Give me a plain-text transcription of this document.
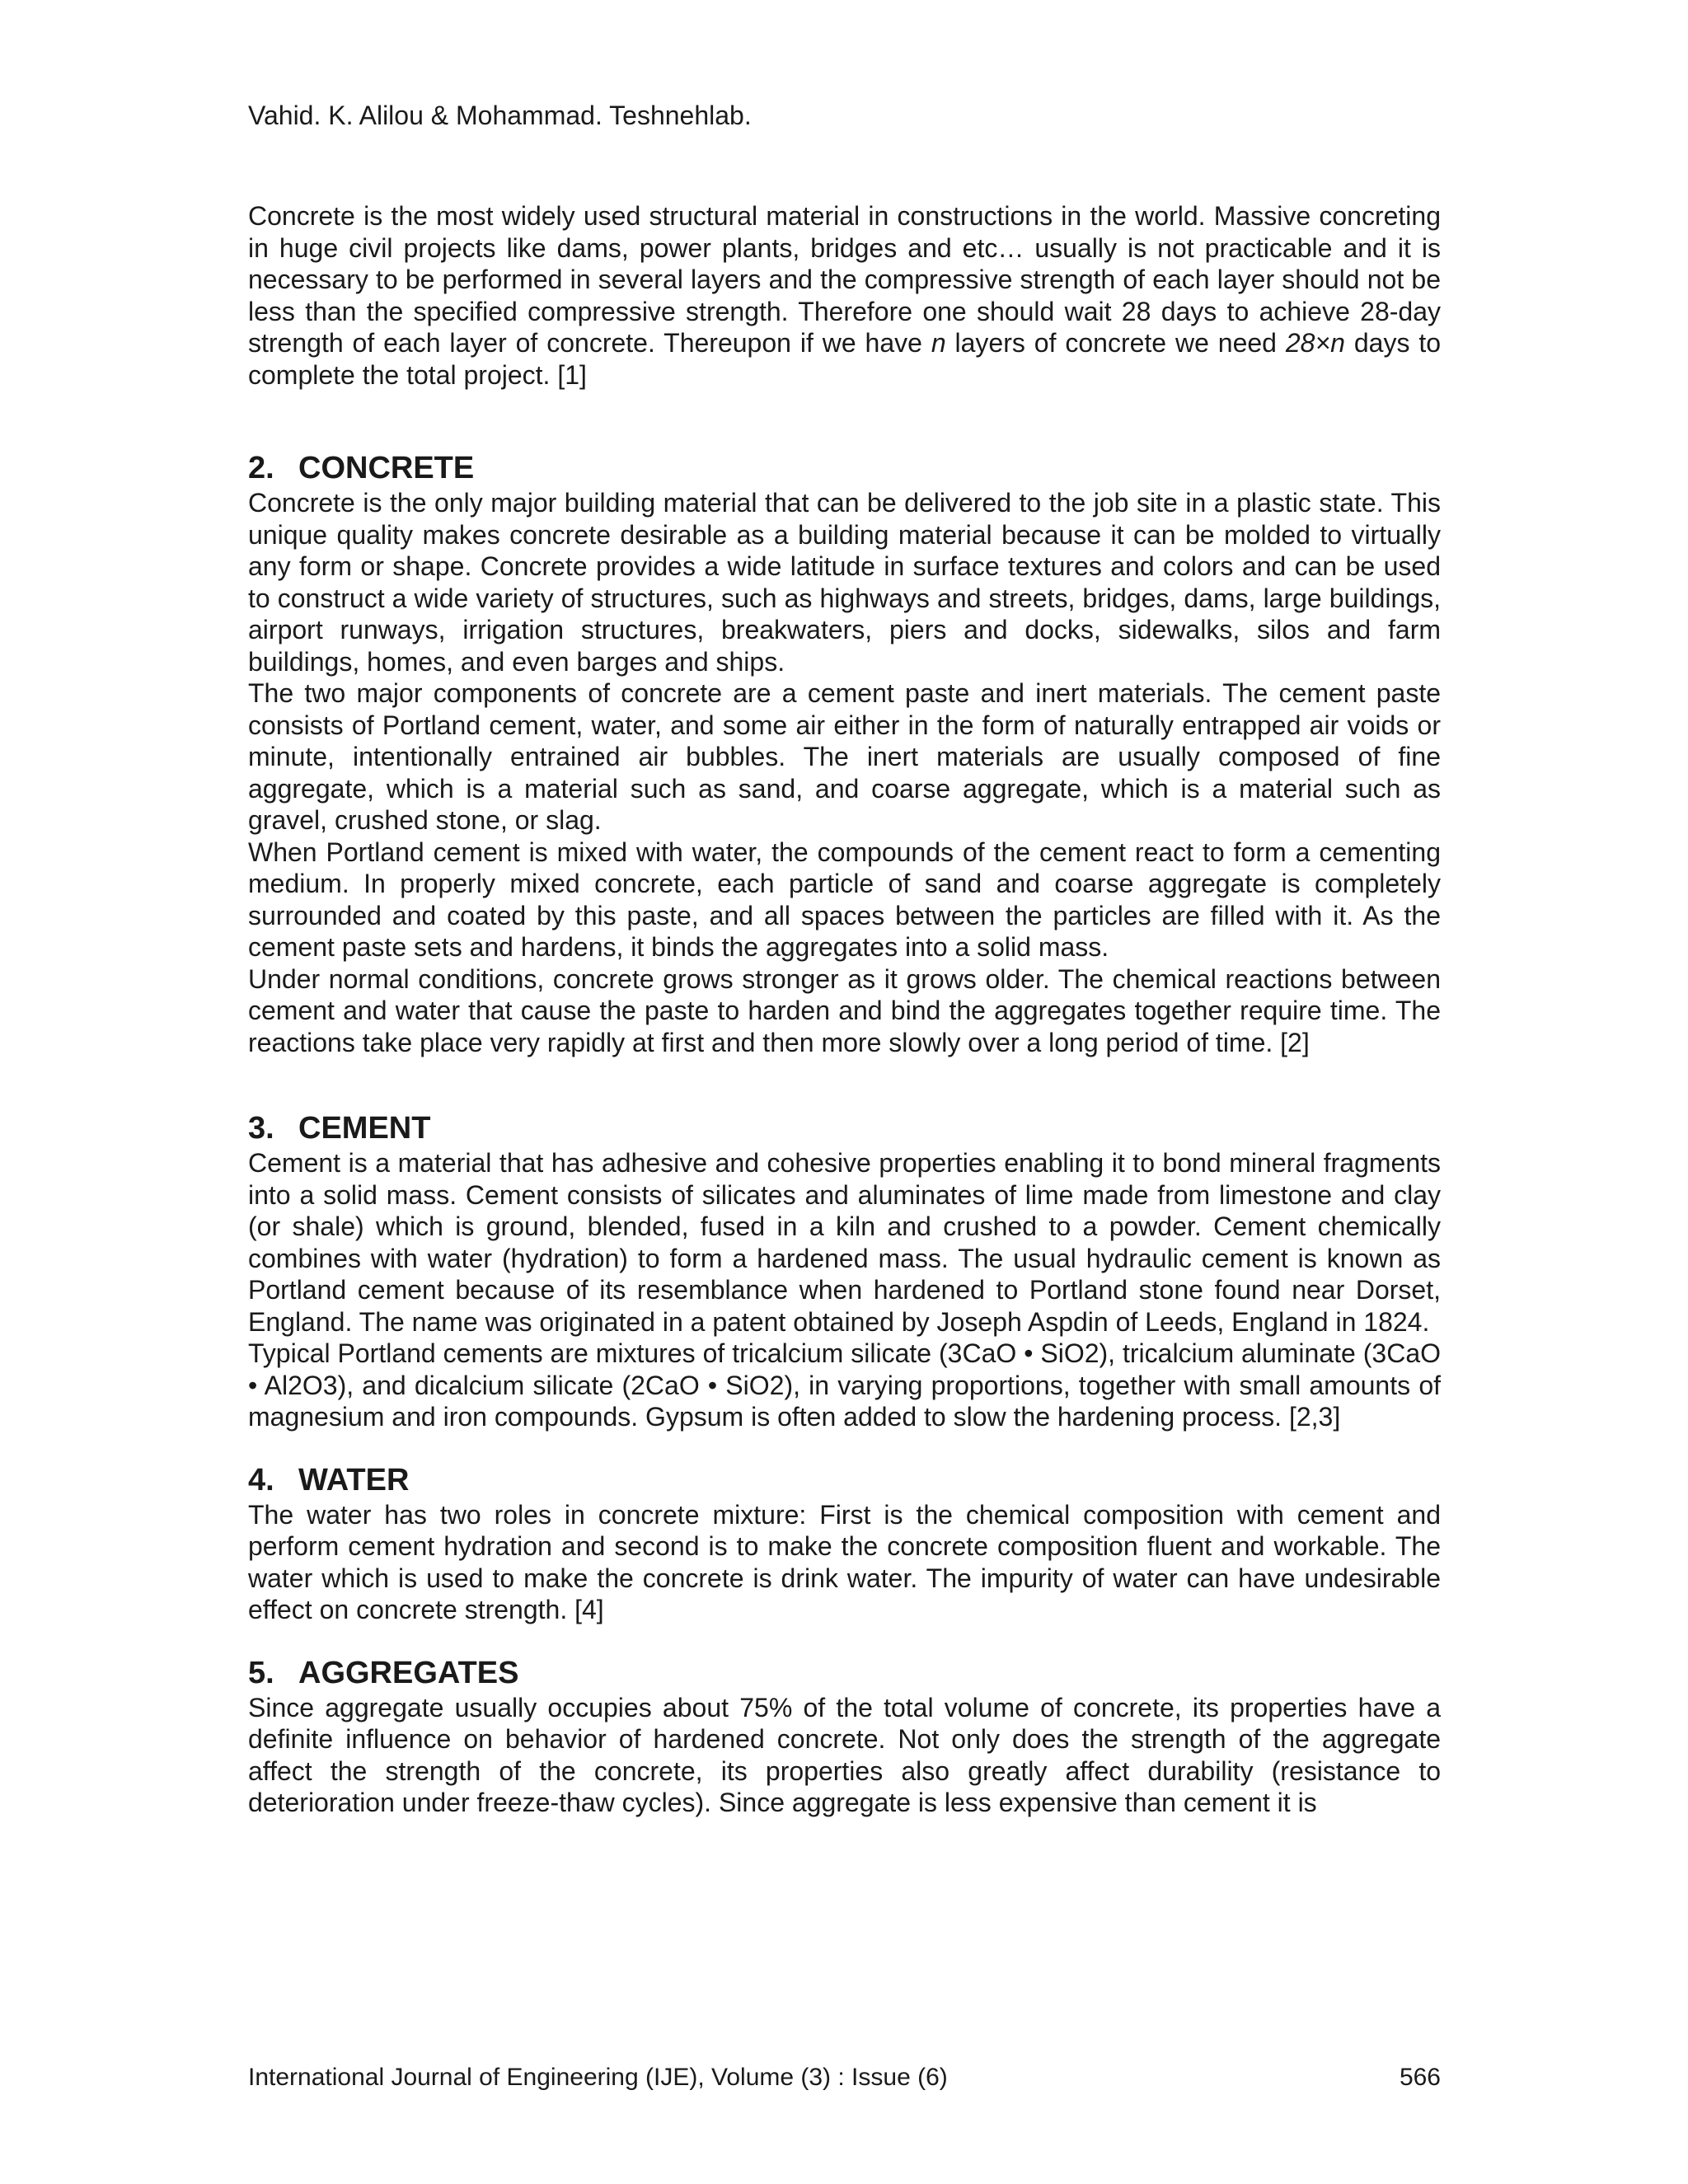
Vahid. K. Alilou & Mohammad. Teshnehlab.

Concrete is the most widely used structural material in constructions in the world. Massive concreting in huge civil projects like dams, power plants, bridges and etc… usually is not practicable and it is necessary to be performed in several layers and the compressive strength of each layer should not be less than the specified compressive strength. Therefore one should wait 28 days to achieve 28-day strength of each layer of concrete. Thereupon if we have n layers of concrete we need 28×n days to complete the total project. [1]

2. CONCRETE

Concrete is the only major building material that can be delivered to the job site in a plastic state. This unique quality makes concrete desirable as a building material because it can be molded to virtually any form or shape. Concrete provides a wide latitude in surface textures and colors and can be used to construct a wide variety of structures, such as highways and streets, bridges, dams, large buildings, airport runways, irrigation structures, breakwaters, piers and docks, sidewalks, silos and farm buildings, homes, and even barges and ships.

The two major components of concrete are a cement paste and inert materials. The cement paste consists of Portland cement, water, and some air either in the form of naturally entrapped air voids or minute, intentionally entrained air bubbles. The inert materials are usually composed of fine aggregate, which is a material such as sand, and coarse aggregate, which is a material such as gravel, crushed stone, or slag.

When Portland cement is mixed with water, the compounds of the cement react to form a cementing medium. In properly mixed concrete, each particle of sand and coarse aggregate is completely surrounded and coated by this paste, and all spaces between the particles are filled with it. As the cement paste sets and hardens, it binds the aggregates into a solid mass.

Under normal conditions, concrete grows stronger as it grows older. The chemical reactions between cement and water that cause the paste to harden and bind the aggregates together require time. The reactions take place very rapidly at first and then more slowly over a long period of time. [2]

3. CEMENT

Cement is a material that has adhesive and cohesive properties enabling it to bond mineral fragments into a solid mass. Cement consists of silicates and aluminates of lime made from limestone and clay (or shale) which is ground, blended, fused in a kiln and crushed to a powder. Cement chemically combines with water (hydration) to form a hardened mass. The usual hydraulic cement is known as Portland cement because of its resemblance when hardened to Portland stone found near Dorset, England. The name was originated in a patent obtained by Joseph Aspdin of Leeds, England in 1824.

Typical Portland cements are mixtures of tricalcium silicate (3CaO • SiO2), tricalcium aluminate (3CaO • Al2O3), and dicalcium silicate (2CaO • SiO2), in varying proportions, together with small amounts of magnesium and iron compounds. Gypsum is often added to slow the hardening process. [2,3]

4. WATER

The water has two roles in concrete mixture: First is the chemical composition with cement and perform cement hydration and second is to make the concrete composition fluent and workable. The water which is used to make the concrete is drink water. The impurity of water can have undesirable effect on concrete strength. [4]

5. AGGREGATES

Since aggregate usually occupies about 75% of the total volume of concrete, its properties have a definite influence on behavior of hardened concrete. Not only does the strength of the aggregate affect the strength of the concrete, its properties also greatly affect durability (resistance to deterioration under freeze-thaw cycles). Since aggregate is less expensive than cement it is

International Journal of Engineering (IJE), Volume (3) : Issue (6)	566
